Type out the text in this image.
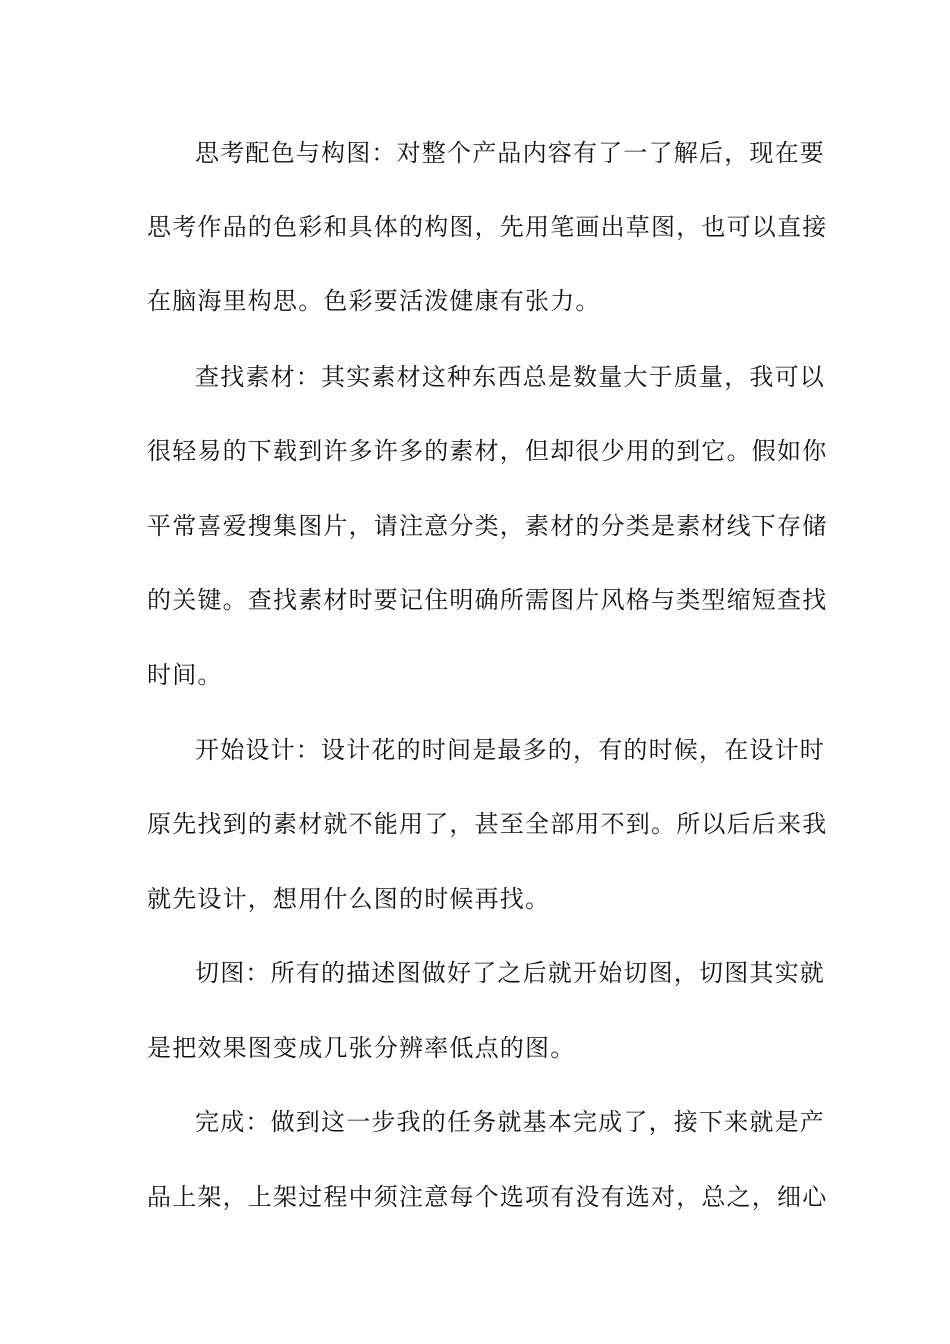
思考配色与构图：对整个产品内容有了一了解后，现在要
思考作品的色彩和具体的构图，先用笔画出草图，也可以直接
在脑海里构思。色彩要活泼健康有张力。
查找素材：其实素材这种东西总是数量大于质量，我可以
很轻易的下载到许多许多的素材，但却很少用的到它。假如你
平常喜爱搜集图片，请注意分类，素材的分类是素材线下存储
的关键。查找素材时要记住明确所需图片风格与类型缩短查找
时间。
开始设计：设计花的时间是最多的，有的时候，在设计时
原先找到的素材就不能用了，甚至全部用不到。所以后后来我
就先设计，想用什么图的时候再找。
切图：所有的描述图做好了之后就开始切图，切图其实就
是把效果图变成几张分辨率低点的图。
完成：做到这一步我的任务就基本完成了，接下来就是产
品上架，上架过程中须注意每个选项有没有选对，总之，细心
